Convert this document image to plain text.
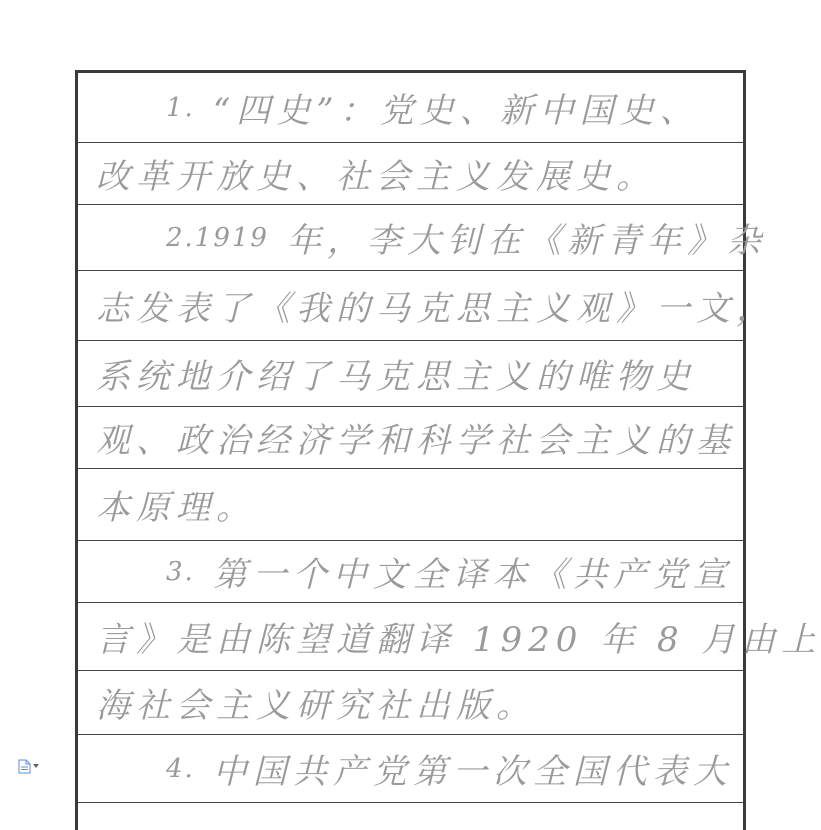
1. “四史”：党史、新中国史、
改革开放史、社会主义发展史。
2.1919 年，李大钊在《新青年》杂
志发表了《我的马克思主义观》一文，
系统地介绍了马克思主义的唯物史
观、政治经济学和科学社会主义的基
本原理。
3. 第一个中文全译本《共产党宣
言》是由陈望道翻译 1920 年 8 月由上
海社会主义研究社出版。
4. 中国共产党第一次全国代表大
